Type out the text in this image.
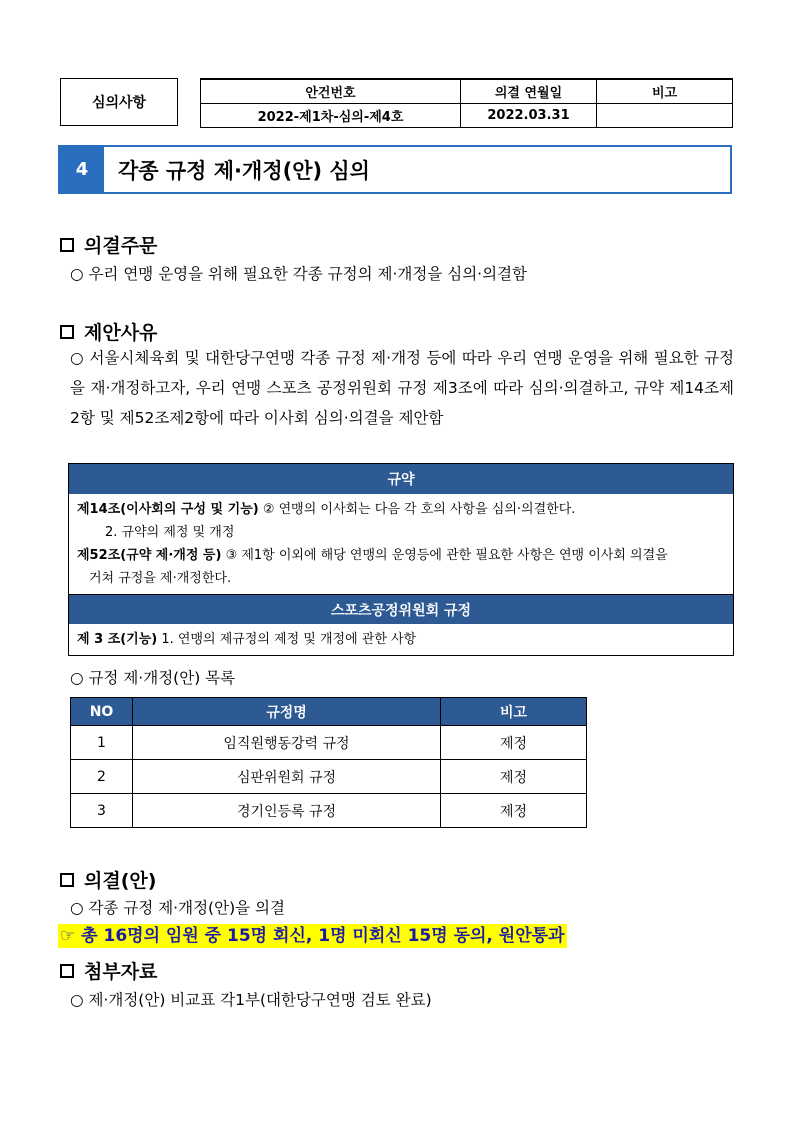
심의사항
안건번호	의결 연월일	비고
2022-제1차-심의-제4호	2022.03.31	
4	각종 규정 제·개정(안) 심의
의결주문
○ 우리 연맹 운영을 위해 필요한 각종 규정의 제·개정을 심의·의결함
제안사유
○ 서울시체육회 및 대한당구연맹 각종 규정 제·개정 등에 따라 우리 연맹 운영을 위해 필요한 규정을 재·개정하고자, 우리 연맹 스포츠 공정위원회 규정 제3조에 따라 심의·의결하고, 규약 제14조제2항 및 제52조제2항에 따라 이사회 심의·의결을 제안함
규약
제14조(이사회의 구성 및 기능) ② 연맹의 이사회는 다음 각 호의 사항을 심의·의결한다.
2. 규약의 제정 및 개정
제52조(규약 제·개정 등) ③ 제1항 이외에 해당 연맹의 운영등에 관한 필요한 사항은 연맹 이사회 의결을
거쳐 규정을 제·개정한다.
스포츠공정위원회 규정
제 3 조(기능) 1. 연맹의 제규정의 제정 및 개정에 관한 사항
○ 규정 제·개정(안) 목록
NO	규정명	비고
1	임직원행동강력 규정	제정
2	심판위원회 규정	제정
3	경기인등록 규정	제정
의결(안)
○ 각종 규정 제·개정(안)을 의결
☞ 총 16명의 임원 중 15명 회신, 1명 미회신 15명 동의, 원안통과
첨부자료
○ 제·개정(안) 비교표 각1부(대한당구연맹 검토 완료)
